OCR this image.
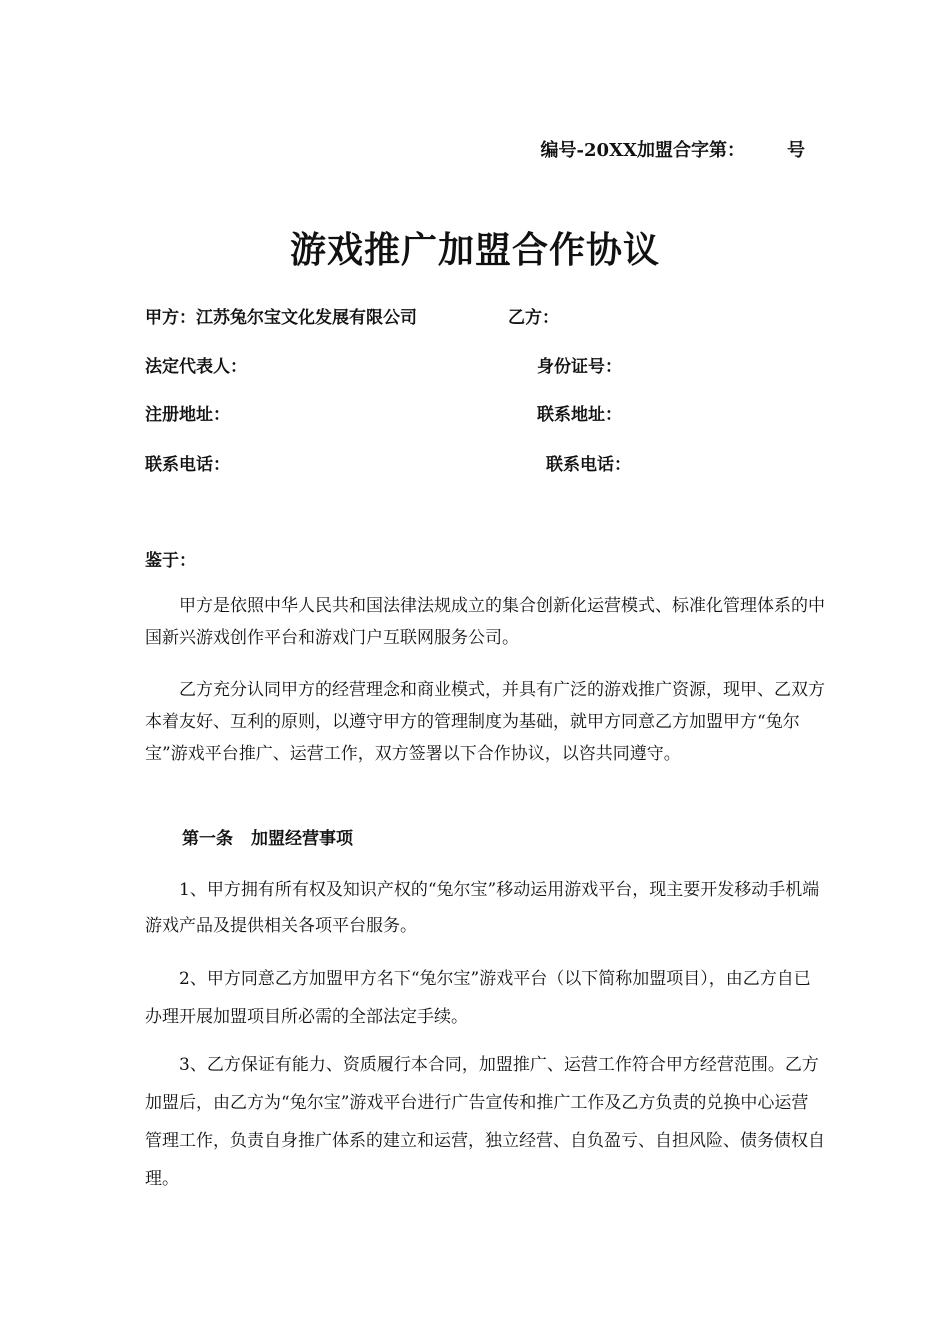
编号-20XX加盟合字第： 号
游戏推广加盟合作协议
甲方：江苏兔尔宝文化发展有限公司	乙方：
法定代表人：	身份证号：
注册地址：	联系地址：
联系电话：	联系电话：
鉴于：
甲方是依照中华人民共和国法律法规成立的集合创新化运营模式、标准化管理体系的中国新兴游戏创作平台和游戏门户互联网服务公司。
乙方充分认同甲方的经营理念和商业模式，并具有广泛的游戏推广资源，现甲、乙双方本着友好、互利的原则，以遵守甲方的管理制度为基础，就甲方同意乙方加盟甲方“兔尔宝”游戏平台推广、运营工作，双方签署以下合作协议，以咨共同遵守。
第一条 加盟经营事项
1、甲方拥有所有权及知识产权的“兔尔宝”移动运用游戏平台，现主要开发移动手机端游戏产品及提供相关各项平台服务。
2、甲方同意乙方加盟甲方名下“兔尔宝”游戏平台（以下简称加盟项目），由乙方自已办理开展加盟项目所必需的全部法定手续。
3、乙方保证有能力、资质履行本合同，加盟推广、运营工作符合甲方经营范围。乙方加盟后，由乙方为“兔尔宝”游戏平台进行广告宣传和推广工作及乙方负责的兑换中心运营管理工作，负责自身推广体系的建立和运营，独立经营、自负盈亏、自担风险、债务债权自理。
